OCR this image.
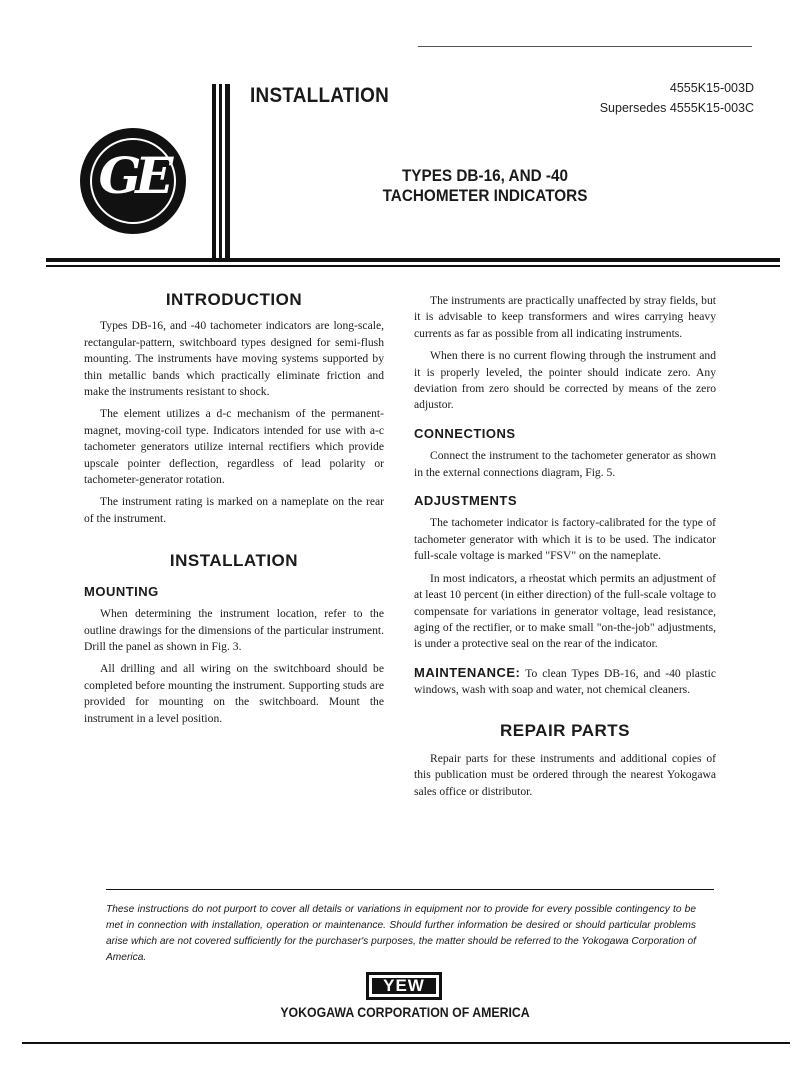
GE
INSTALLATION	4555K15-003D
Supersedes 4555K15-003C
TYPES DB-16, AND -40
TACHOMETER INDICATORS
INTRODUCTION

Types DB-16, and -40 tachometer indicators are long-scale, rectangular-pattern, switchboard types designed for semi-flush mounting. The instruments have moving systems supported by thin metallic bands which practically eliminate friction and make the instruments resistant to shock.

The element utilizes a d-c mechanism of the permanent-magnet, moving-coil type. Indicators intended for use with a-c tachometer generators utilize internal rectifiers which provide upscale pointer deflection, regardless of lead polarity or tachometer-generator rotation.

The instrument rating is marked on a nameplate on the rear of the instrument.

INSTALLATION
MOUNTING

When determining the instrument location, refer to the outline drawings for the dimensions of the particular instrument. Drill the panel as shown in Fig. 3.

All drilling and all wiring on the switchboard should be completed before mounting the instrument. Supporting studs are provided for mounting on the switchboard. Mount the instrument in a level position.

The instruments are practically unaffected by stray fields, but it is advisable to keep transformers and wires carrying heavy currents as far as possible from all indicating instruments.

When there is no current flowing through the instrument and it is properly leveled, the pointer should indicate zero. Any deviation from zero should be corrected by means of the zero adjustor.

CONNECTIONS

Connect the instrument to the tachometer generator as shown in the external connections diagram, Fig. 5.

ADJUSTMENTS

The tachometer indicator is factory-calibrated for the type of tachometer generator with which it is to be used. The indicator full-scale voltage is marked "FSV" on the nameplate.

In most indicators, a rheostat which permits an adjustment of at least 10 percent (in either direction) of the full-scale voltage to compensate for variations in generator voltage, lead resistance, aging of the rectifier, or to make small "on-the-job" adjustments, is under a protective seal on the rear of the indicator.

MAINTENANCE: To clean Types DB-16, and -40 plastic windows, wash with soap and water, not chemical cleaners.

REPAIR PARTS

Repair parts for these instruments and additional copies of this publication must be ordered through the nearest Yokogawa sales office or distributor.

These instructions do not purport to cover all details or variations in equipment nor to provide for every possible contingency to be met in connection with installation, operation or maintenance. Should further information be desired or should particular problems arise which are not covered sufficiently for the purchaser's purposes, the matter should be referred to the Yokogawa Corporation of America.
YEW
YOKOGAWA CORPORATION OF AMERICA
